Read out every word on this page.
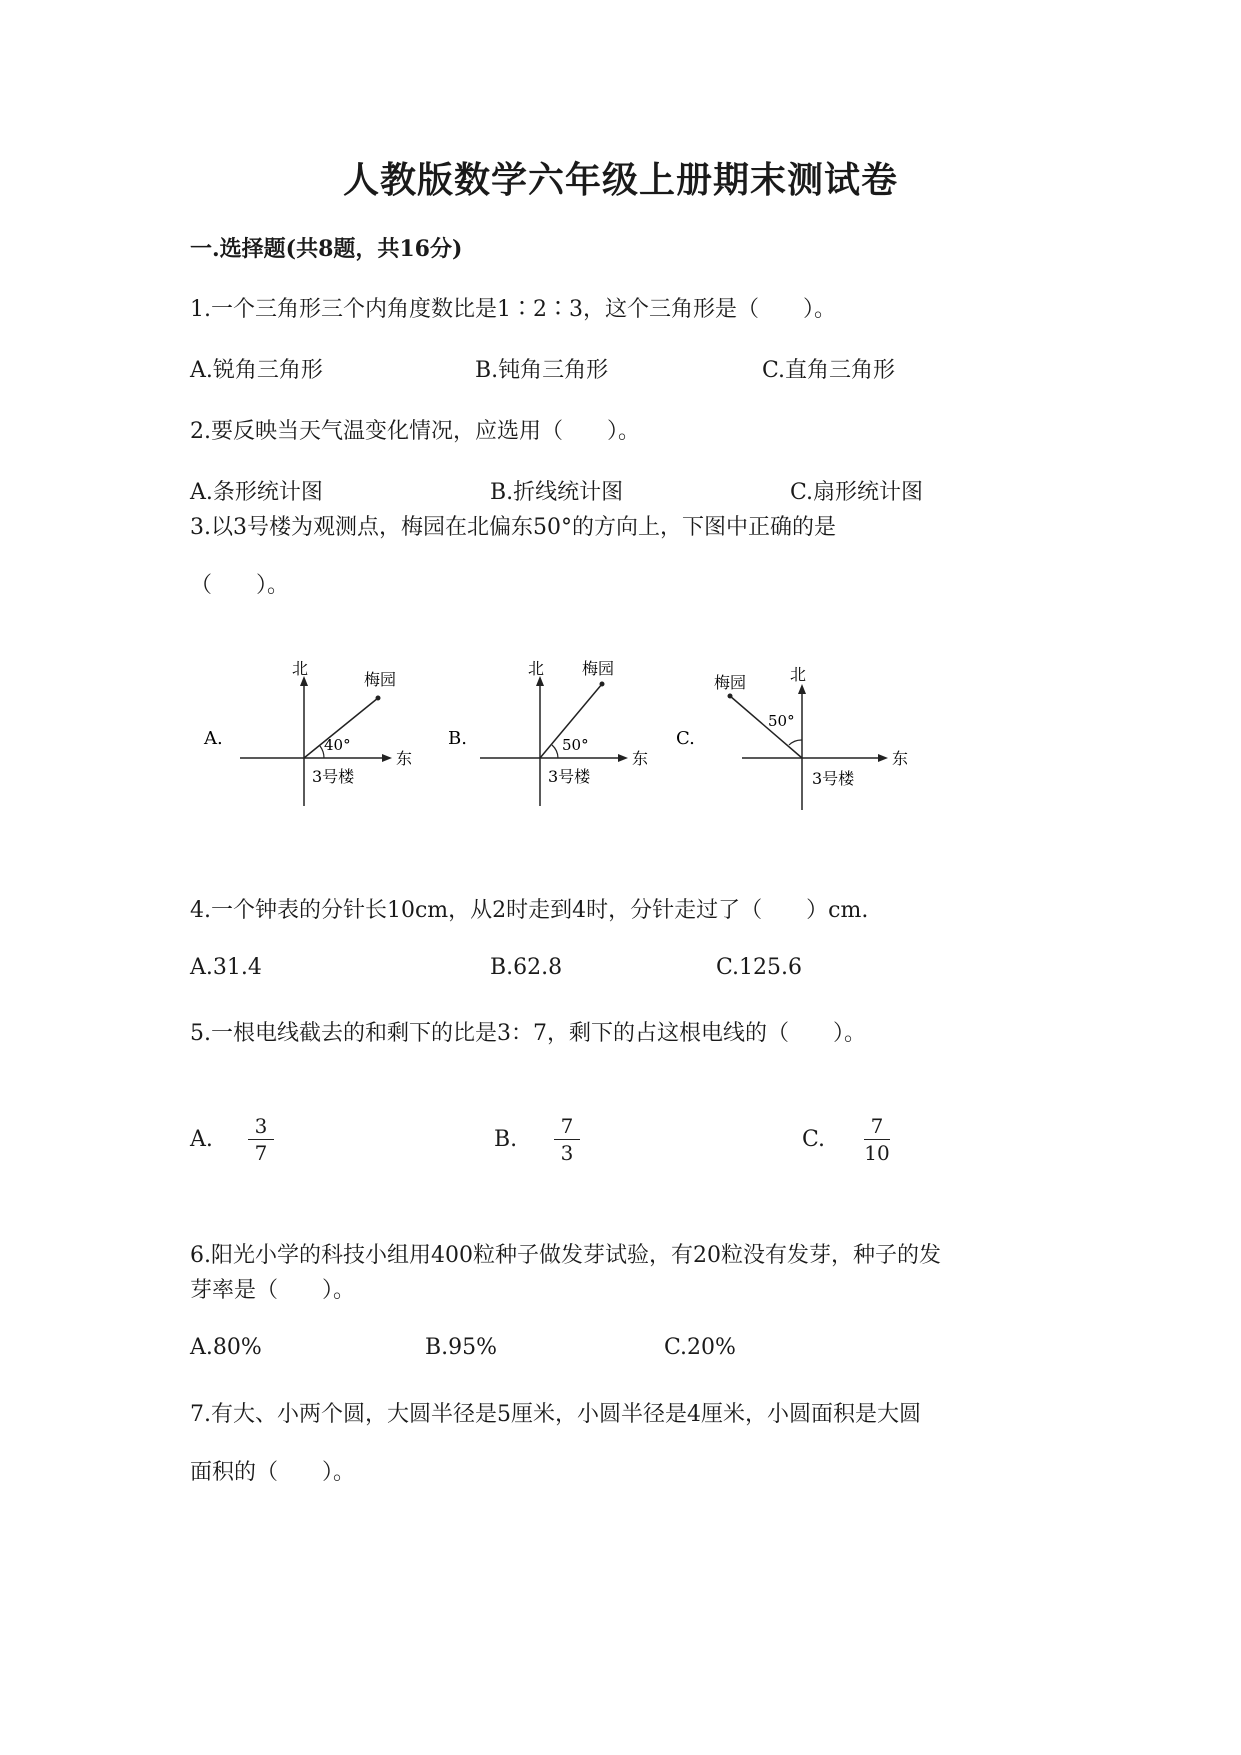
人教版数学六年级上册期末测试卷
一.选择题(共8题，共16分)
1.一个三角形三个内角度数比是1∶2∶3，这个三角形是（　　）。
A.锐角三角形	B.钝角三角形	C.直角三角形
2.要反映当天气温变化情况，应选用（　　）。
A.条形统计图	B.折线统计图	C.扇形统计图
3.以3号楼为观测点，梅园在北偏东50°的方向上，下图中正确的是
（　　）。
A.	40°
北
东
梅园
3号楼
B.	50°
北
东
梅园
3号楼
C.
50°
北
东
梅园
3号楼
4.一个钟表的分针长10cm，从2时走到4时，分针走过了（　　）cm.
A.31.4	B.62.8	C.125.6
5.一根电线截去的和剩下的比是3：7，剩下的占这根电线的（　　）。
A.
3
7
B.
7
3
C.
7
10
6.阳光小学的科技小组用400粒种子做发芽试验，有20粒没有发芽，种子的发
芽率是（　　）。
A.80%	B.95%	C.20%
7.有大、小两个圆，大圆半径是5厘米，小圆半径是4厘米，小圆面积是大圆
面积的（　　）。
